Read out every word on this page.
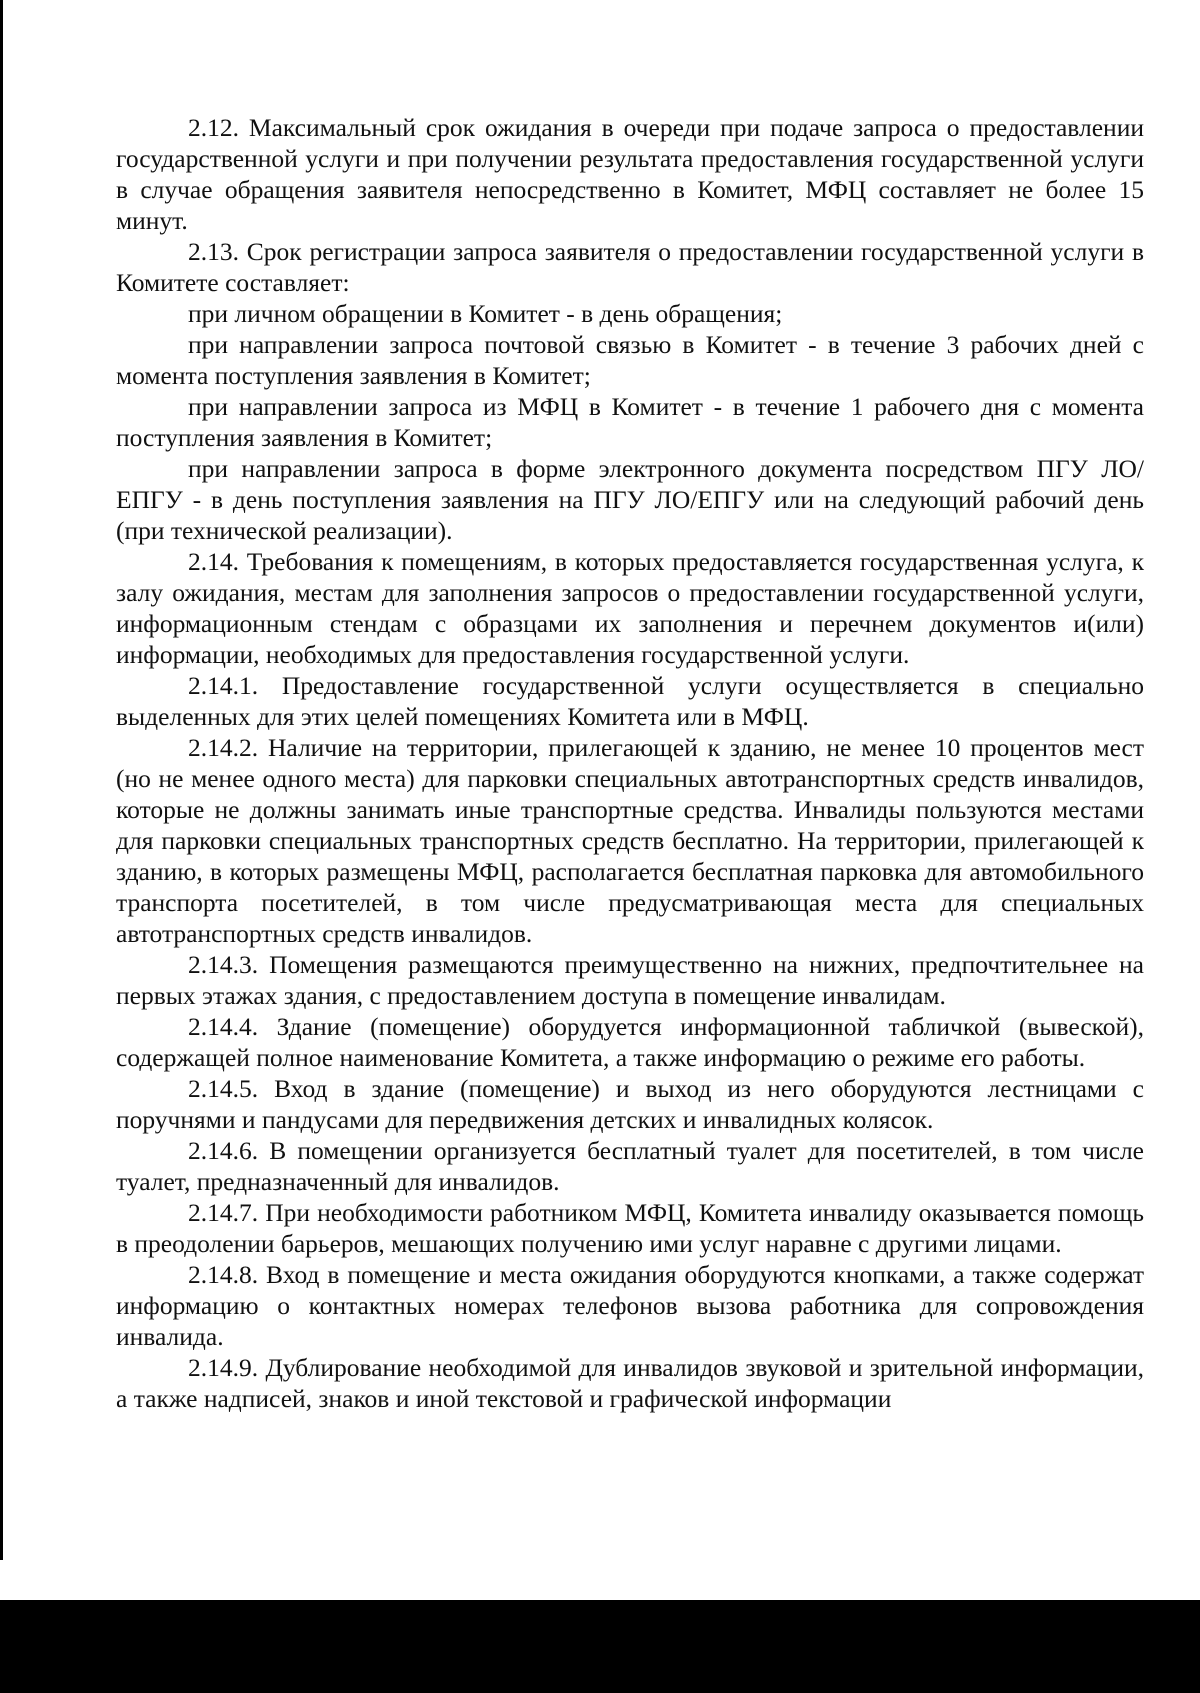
2.12. Максимальный срок ожидания в очереди при подаче запроса о предоставлении государственной услуги и при получении результата предоставления государственной услуги в случае обращения заявителя непосредственно в Комитет, МФЦ составляет не более 15 минут.

2.13. Срок регистрации запроса заявителя о предоставлении государственной услуги в Комитете составляет:

при личном обращении в Комитет - в день обращения;

при направлении запроса почтовой связью в Комитет - в течение 3 рабочих дней с момента поступления заявления в Комитет;

при направлении запроса из МФЦ в Комитет - в течение 1 рабочего дня с момента поступления заявления в Комитет;

при направлении запроса в форме электронного документа посредством ПГУ ЛО/ЕПГУ - в день поступления заявления на ПГУ ЛО/ЕПГУ или на следующий рабочий день (при технической реализации).

2.14. Требования к помещениям, в которых предоставляется государственная услуга, к залу ожидания, местам для заполнения запросов о предоставлении государственной услуги, информационным стендам с образцами их заполнения и перечнем документов и(или) информации, необходимых для предоставления государственной услуги.

2.14.1. Предоставление государственной услуги осуществляется в специально выделенных для этих целей помещениях Комитета или в МФЦ.

2.14.2. Наличие на территории, прилегающей к зданию, не менее 10 процентов мест (но не менее одного места) для парковки специальных автотранспортных средств инвалидов, которые не должны занимать иные транспортные средства. Инвалиды пользуются местами для парковки специальных транспортных средств бесплатно. На территории, прилегающей к зданию, в которых размещены МФЦ, располагается бесплатная парковка для автомобильного транспорта посетителей, в том числе предусматривающая места для специальных автотранспортных средств инвалидов.

2.14.3. Помещения размещаются преимущественно на нижних, предпочтительнее на первых этажах здания, с предоставлением доступа в помещение инвалидам.

2.14.4. Здание (помещение) оборудуется информационной табличкой (вывеской), содержащей полное наименование Комитета, а также информацию о режиме его работы.

2.14.5. Вход в здание (помещение) и выход из него оборудуются лестницами с поручнями и пандусами для передвижения детских и инвалидных колясок.

2.14.6. В помещении организуется бесплатный туалет для посетителей, в том числе туалет, предназначенный для инвалидов.

2.14.7. При необходимости работником МФЦ, Комитета инвалиду оказывается помощь в преодолении барьеров, мешающих получению ими услуг наравне с другими лицами.

2.14.8. Вход в помещение и места ожидания оборудуются кнопками, а также содержат информацию о контактных номерах телефонов вызова работника для сопровождения инвалида.

2.14.9. Дублирование необходимой для инвалидов звуковой и зрительной информации, а также надписей, знаков и иной текстовой и графической информации
